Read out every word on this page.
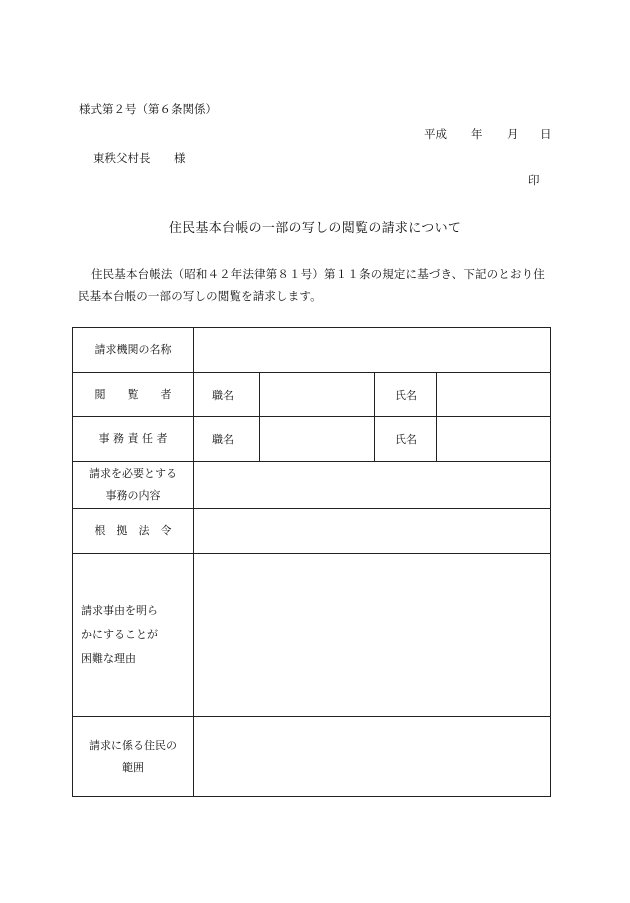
様式第２号（第６条関係）
平成 年 月 日
東秩父村長 様
印
住民基本台帳の一部の写しの閲覧の請求について
住民基本台帳法（昭和４２年法律第８１号）第１１条の規定に基づき、下記のとおり住
民基本台帳の一部の写しの閲覧を請求します。
請求機関の名称				
閲　　覧　　者	職名		氏名	
事 務 責 任 者	職名		氏名	

請求を必要とする
事務の内容				

根　拠　法　令				

請求事由を明ら
かにすることが
困難な理由				

請求に係る住民の
範囲				
